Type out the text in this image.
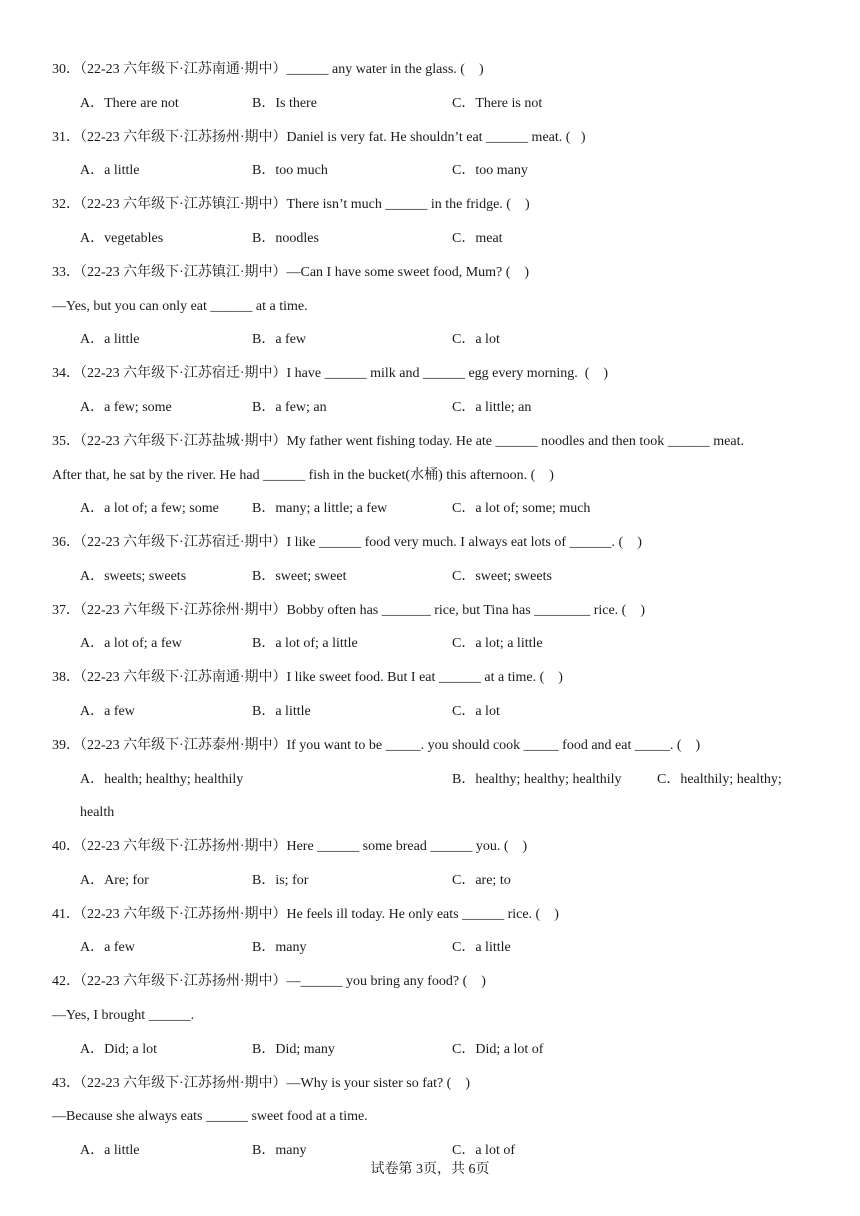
30．（22-23 六年级下·江苏南通·期中）______ any water in the glass. (    )
A．There are not	B．Is there	C．There is not
31．（22-23 六年级下·江苏扬州·期中）Daniel is very fat. He shouldn’t eat ______ meat. (   )
A．a little	B．too much	C．too many
32．（22-23 六年级下·江苏镇江·期中）There isn’t much ______ in the fridge. (    )
A．vegetables	B．noodles	C．meat
33．（22-23 六年级下·江苏镇江·期中）—Can I have some sweet food, Mum? (    )
—Yes, but you can only eat ______ at a time.
A．a little	B．a few	C．a lot
34．（22-23 六年级下·江苏宿迁·期中）I have ______ milk and ______ egg every morning.  (    )
A．a few; some	B．a few; an	C．a little; an
35．（22-23 六年级下·江苏盐城·期中）My father went fishing today. He ate ______ noodles and then took ______ meat.
After that, he sat by the river. He had ______ fish in the bucket(水桶) this afternoon. (    )
A．a lot of; a few; some B．many; a little; a few	C．a lot of; some; much
36．（22-23 六年级下·江苏宿迁·期中）I like ______ food very much. I always eat lots of ______. (    )
A．sweets; sweets	B．sweet; sweet	C．sweet; sweets
37．（22-23 六年级下·江苏徐州·期中）Bobby often has _______ rice, but Tina has ________ rice. (    )
A．a lot of; a few	B．a lot of; a little	C．a lot; a little
38．（22-23 六年级下·江苏南通·期中）I like sweet food. But I eat ______ at a time. (    )
A．a few	B．a little	C．a lot
39．（22-23 六年级下·江苏泰州·期中）If you want to be _____. you should cook _____ food and eat _____. (    )
A．health; healthy; healthily	B．healthy; healthy; healthily	C．healthily; healthy;
health
40．（22-23 六年级下·江苏扬州·期中）Here ______ some bread ______ you. (    )
A．Are; for	B．is; for	C．are; to
41．（22-23 六年级下·江苏扬州·期中）He feels ill today. He only eats ______ rice. (    )
A．a few	B．many	C．a little
42．（22-23 六年级下·江苏扬州·期中）—______ you bring any food? (    )
—Yes, I brought ______.
A．Did; a lot	B．Did; many	C．Did; a lot of
43．（22-23 六年级下·江苏扬州·期中）—Why is your sister so fat? (    )
—Because she always eats ______ sweet food at a time.
A．a little	B．many	C．a lot of
试卷第 3页，共 6页
